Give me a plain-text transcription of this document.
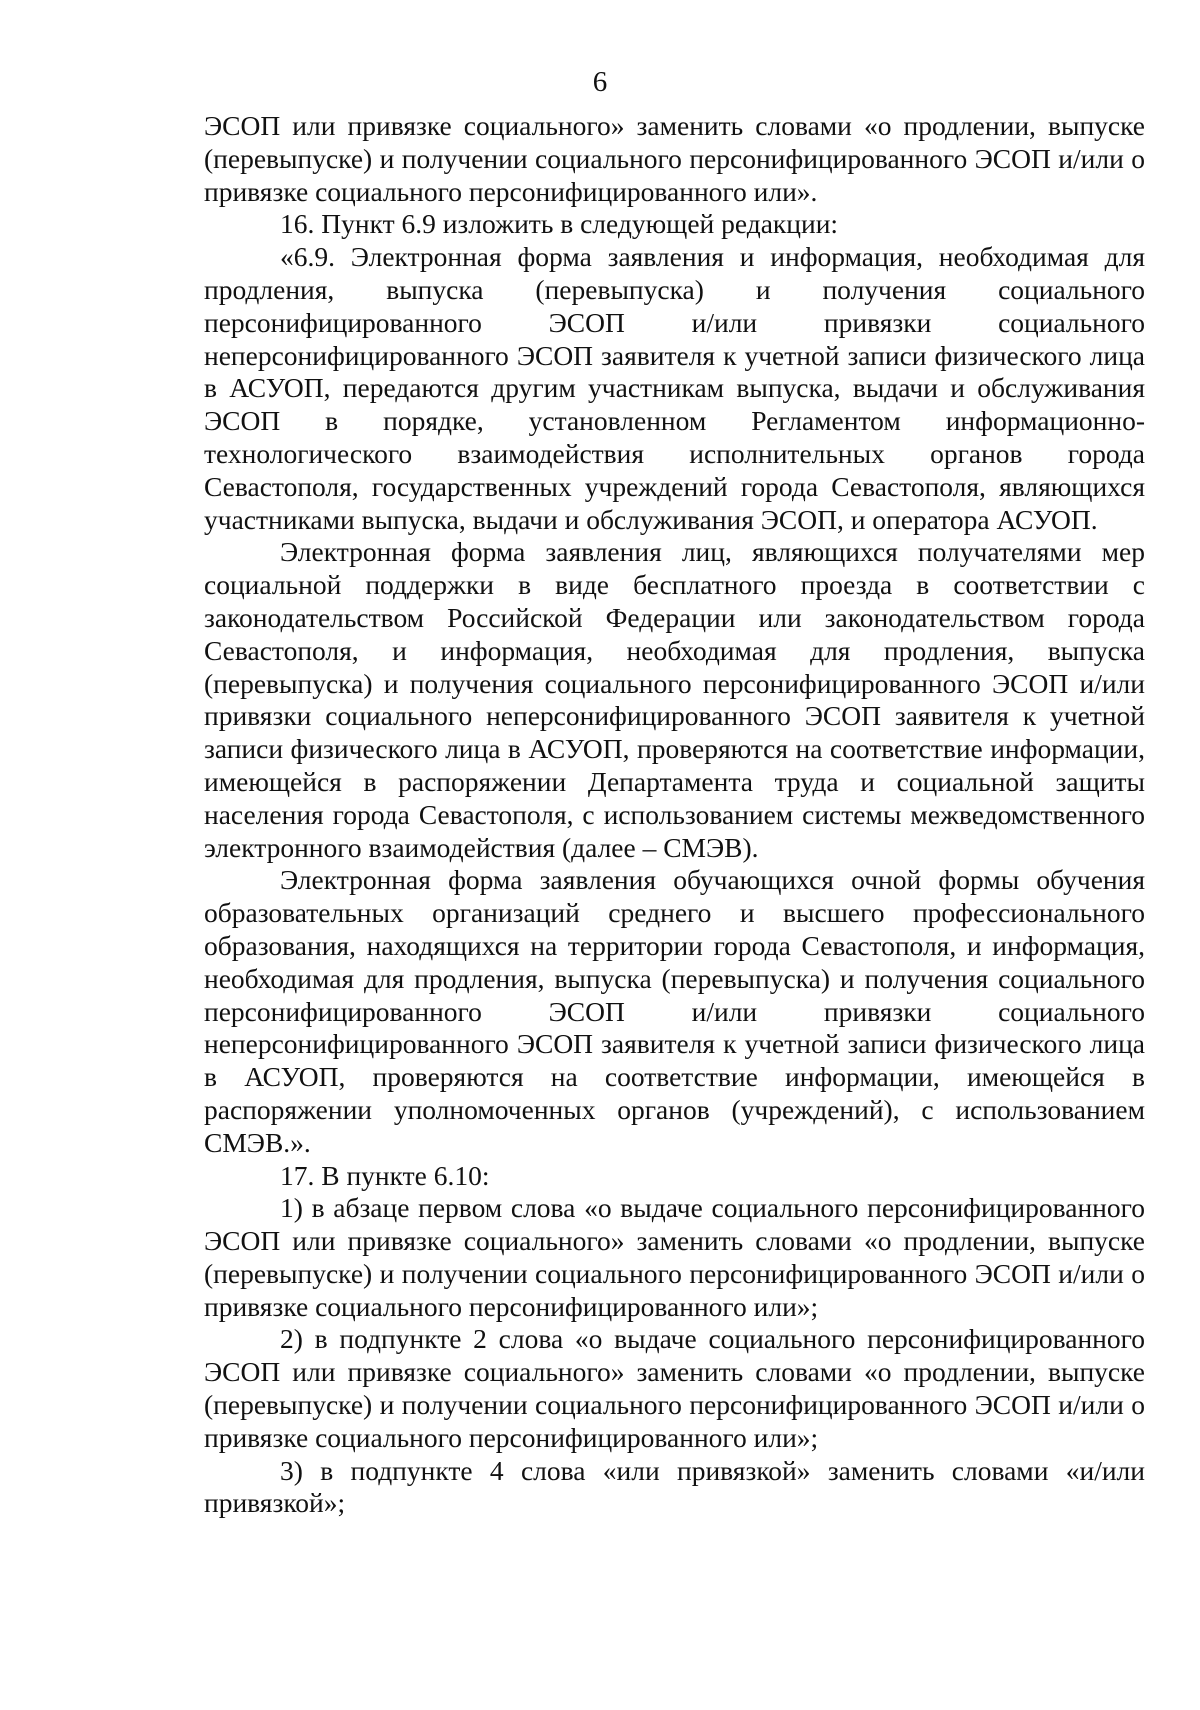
6

ЭСОП или привязке социального» заменить словами «о продлении, выпуске (перевыпуске) и получении социального персонифицированного ЭСОП и/или о привязке социального персонифицированного или».

16. Пункт 6.9 изложить в следующей редакции:

«6.9. Электронная форма заявления и информация, необходимая для продления, выпуска (перевыпуска) и получения социального персонифицированного ЭСОП и/или привязки социального неперсонифицированного ЭСОП заявителя к учетной записи физического лица в АСУОП, передаются другим участникам выпуска, выдачи и обслуживания ЭСОП в порядке, установленном Регламентом информационно-технологического взаимодействия исполнительных органов города Севастополя, государственных учреждений города Севастополя, являющихся участниками выпуска, выдачи и обслуживания ЭСОП, и оператора АСУОП.

Электронная форма заявления лиц, являющихся получателями мер социальной поддержки в виде бесплатного проезда в соответствии с законодательством Российской Федерации или законодательством города Севастополя, и информация, необходимая для продления, выпуска (перевыпуска) и получения социального персонифицированного ЭСОП и/или привязки социального неперсонифицированного ЭСОП заявителя к учетной записи физического лица в АСУОП, проверяются на соответствие информации, имеющейся в распоряжении Департамента труда и социальной защиты населения города Севастополя, с использованием системы межведомственного электронного взаимодействия (далее – СМЭВ).

Электронная форма заявления обучающихся очной формы обучения образовательных организаций среднего и высшего профессионального образования, находящихся на территории города Севастополя, и информация, необходимая для продления, выпуска (перевыпуска) и получения социального персонифицированного ЭСОП и/или привязки социального неперсонифицированного ЭСОП заявителя к учетной записи физического лица в АСУОП, проверяются на соответствие информации, имеющейся в распоряжении уполномоченных органов (учреждений), с использованием СМЭВ.».

17. В пункте 6.10:

1) в абзаце первом слова «о выдаче социального персонифицированного ЭСОП или привязке социального» заменить словами «о продлении, выпуске (перевыпуске) и получении социального персонифицированного ЭСОП и/или о привязке социального персонифицированного или»;

2) в подпункте 2 слова «о выдаче социального персонифицированного ЭСОП или привязке социального» заменить словами «о продлении, выпуске (перевыпуске) и получении социального персонифицированного ЭСОП и/или о привязке социального персонифицированного или»;

3) в подпункте 4 слова «или привязкой» заменить словами «и/или привязкой»;
